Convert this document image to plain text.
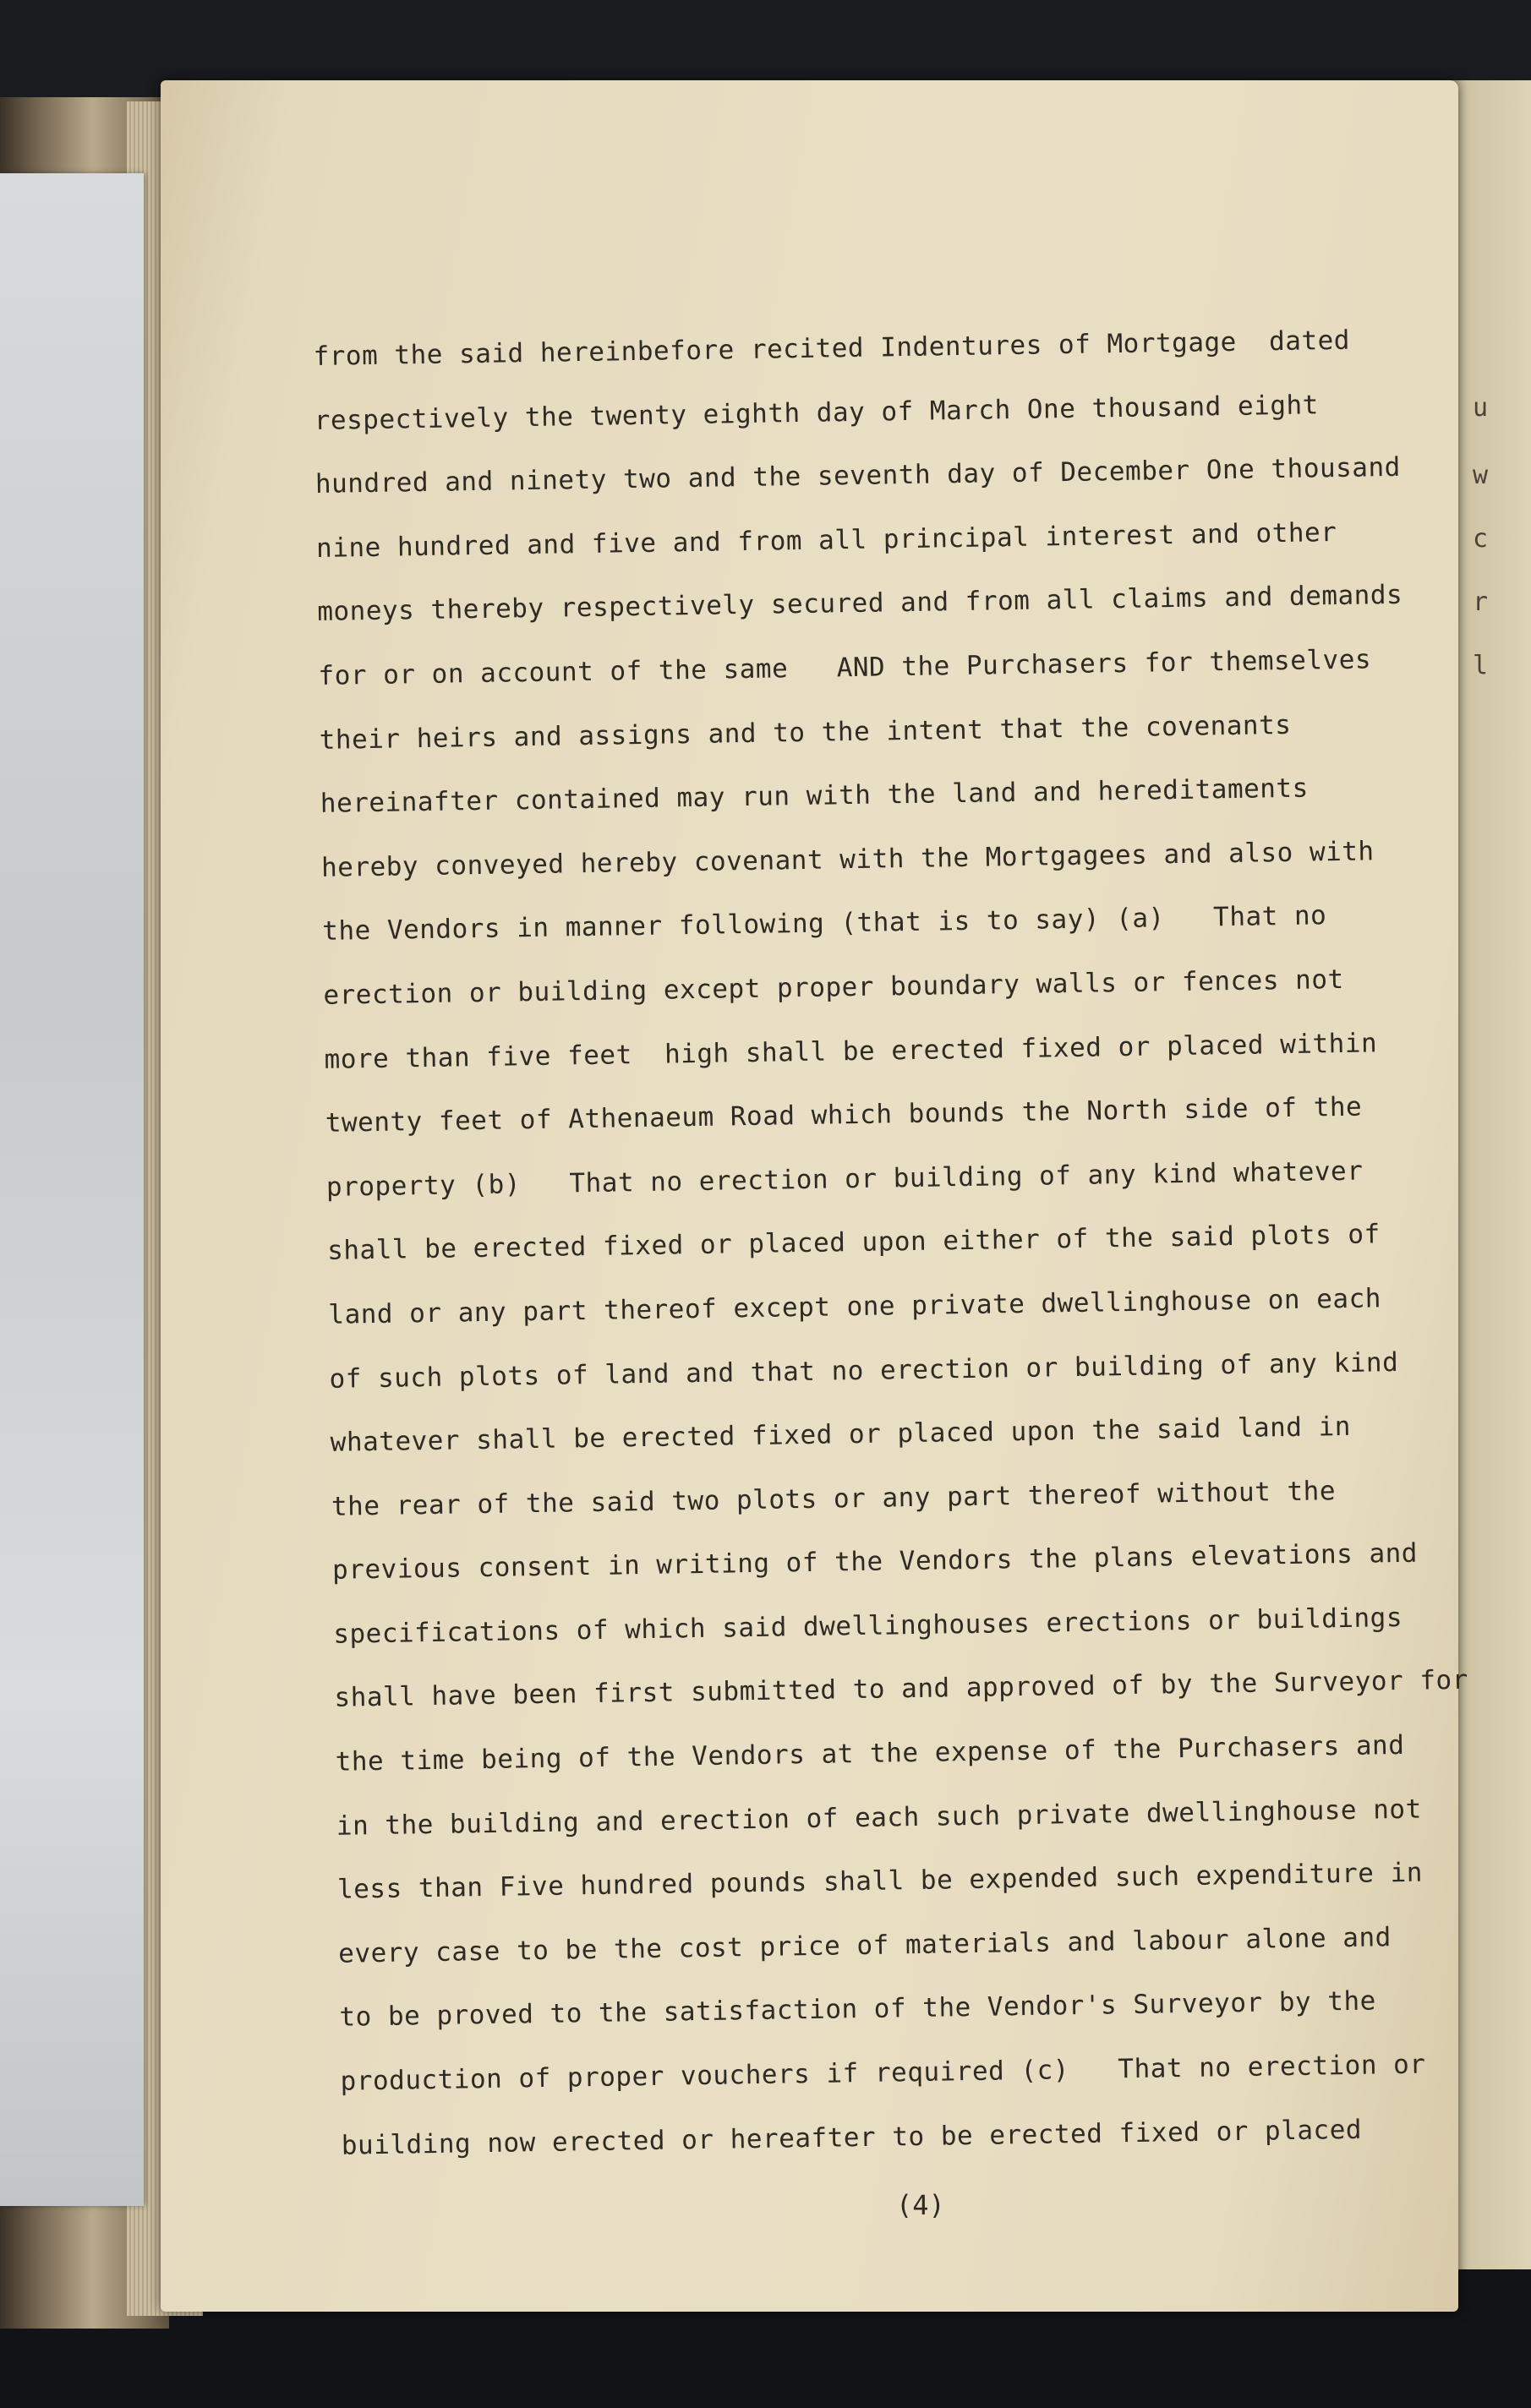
u
w
c
r
l
from the said hereinbefore recited Indentures of Mortgage  dated
respectively the twenty eighth day of March One thousand eight
hundred and ninety two and the seventh day of December One thousand
nine hundred and five and from all principal interest and other
moneys thereby respectively secured and from all claims and demands
for or on account of the same   AND the Purchasers for themselves
their heirs and assigns and to the intent that the covenants
hereinafter contained may run with the land and hereditaments
hereby conveyed hereby covenant with the Mortgagees and also with
the Vendors in manner following (that is to say) (a)   That no
erection or building except proper boundary walls or fences not
more than five feet  high shall be erected fixed or placed within
twenty feet of Athenaeum Road which bounds the North side of the
property (b)   That no erection or building of any kind whatever
shall be erected fixed or placed upon either of the said plots of
land or any part thereof except one private dwellinghouse on each
of such plots of land and that no erection or building of any kind
whatever shall be erected fixed or placed upon the said land in
the rear of the said two plots or any part thereof without the
previous consent in writing of the Vendors the plans elevations and
specifications of which said dwellinghouses erections or buildings
shall have been first submitted to and approved of by the Surveyor for
the time being of the Vendors at the expense of the Purchasers and
in the building and erection of each such private dwellinghouse not
less than Five hundred pounds shall be expended such expenditure in
every case to be the cost price of materials and labour alone and
to be proved to the satisfaction of the Vendor's Surveyor by the
production of proper vouchers if required (c)   That no erection or
building now erected or hereafter to be erected fixed or placed
(4)
